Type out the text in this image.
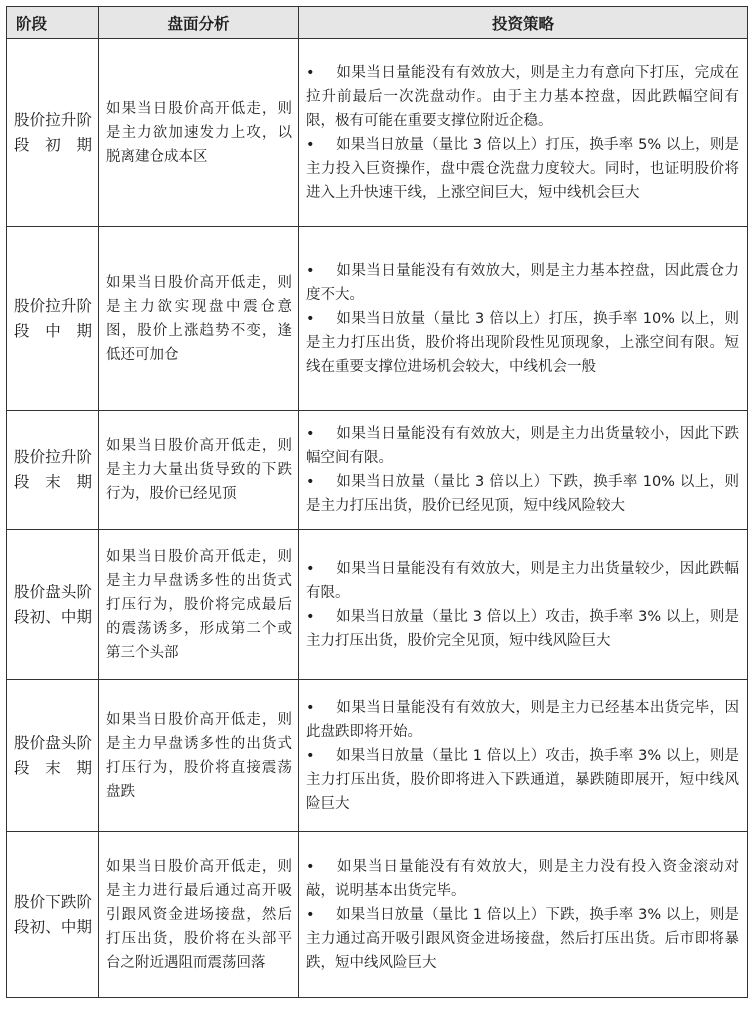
阶段	盘面分析	投资策略
股价拉升阶段初期	如果当日股价高开低走，则是主力欲加速发力上攻，以脱离建仓成本区	• 如果当日量能没有有效放大，则是主力有意向下打压，完成在拉升前最后一次洗盘动作。由于主力基本控盘，因此跌幅空间有限，极有可能在重要支撑位附近企稳。
• 如果当日放量（量比 3 倍以上）打压，换手率 5% 以上，则是主力投入巨资操作，盘中震仓洗盘力度较大。同时，也证明股价将进入上升快速干线，上涨空间巨大，短中线机会巨大

股价拉升阶段中期	如果当日股价高开低走，则是主力欲实现盘中震仓意图，股价上涨趋势不变，逢低还可加仓	• 如果当日量能没有有效放大，则是主力基本控盘，因此震仓力度不大。
• 如果当日放量（量比 3 倍以上）打压，换手率 10% 以上，则是主力打压出货，股价将出现阶段性见顶现象，上涨空间有限。短线在重要支撑位进场机会较大，中线机会一般

股价拉升阶段末期	如果当日股价高开低走，则是主力大量出货导致的下跌行为，股价已经见顶	• 如果当日量能没有有效放大，则是主力出货量较小，因此下跌幅空间有限。
• 如果当日放量（量比 3 倍以上）下跌，换手率 10% 以上，则是主力打压出货，股价已经见顶，短中线风险较大

股价盘头阶段初、中期	如果当日股价高开低走，则是主力早盘诱多性的出货式打压行为，股价将完成最后的震荡诱多，形成第二个或第三个头部	• 如果当日量能没有有效放大，则是主力出货量较少，因此跌幅有限。
• 如果当日放量（量比 3 倍以上）攻击，换手率 3% 以上，则是主力打压出货，股价完全见顶，短中线风险巨大

股价盘头阶段末期	如果当日股价高开低走，则是主力早盘诱多性的出货式打压行为，股价将直接震荡盘跌	• 如果当日量能没有有效放大，则是主力已经基本出货完毕，因此盘跌即将开始。
• 如果当日放量（量比 1 倍以上）攻击，换手率 3% 以上，则是主力打压出货，股价即将进入下跌通道，暴跌随即展开，短中线风险巨大

股价下跌阶段初、中期	如果当日股价高开低走，则是主力进行最后通过高开吸引跟风资金进场接盘，然后打压出货，股价将在头部平台之附近遇阻而震荡回落	• 如果当日量能没有有效放大，则是主力没有投入资金滚动对敲，说明基本出货完毕。
• 如果当日放量（量比 1 倍以上）下跌，换手率 3% 以上，则是主力通过高开吸引跟风资金进场接盘，然后打压出货。后市即将暴跌，短中线风险巨大
